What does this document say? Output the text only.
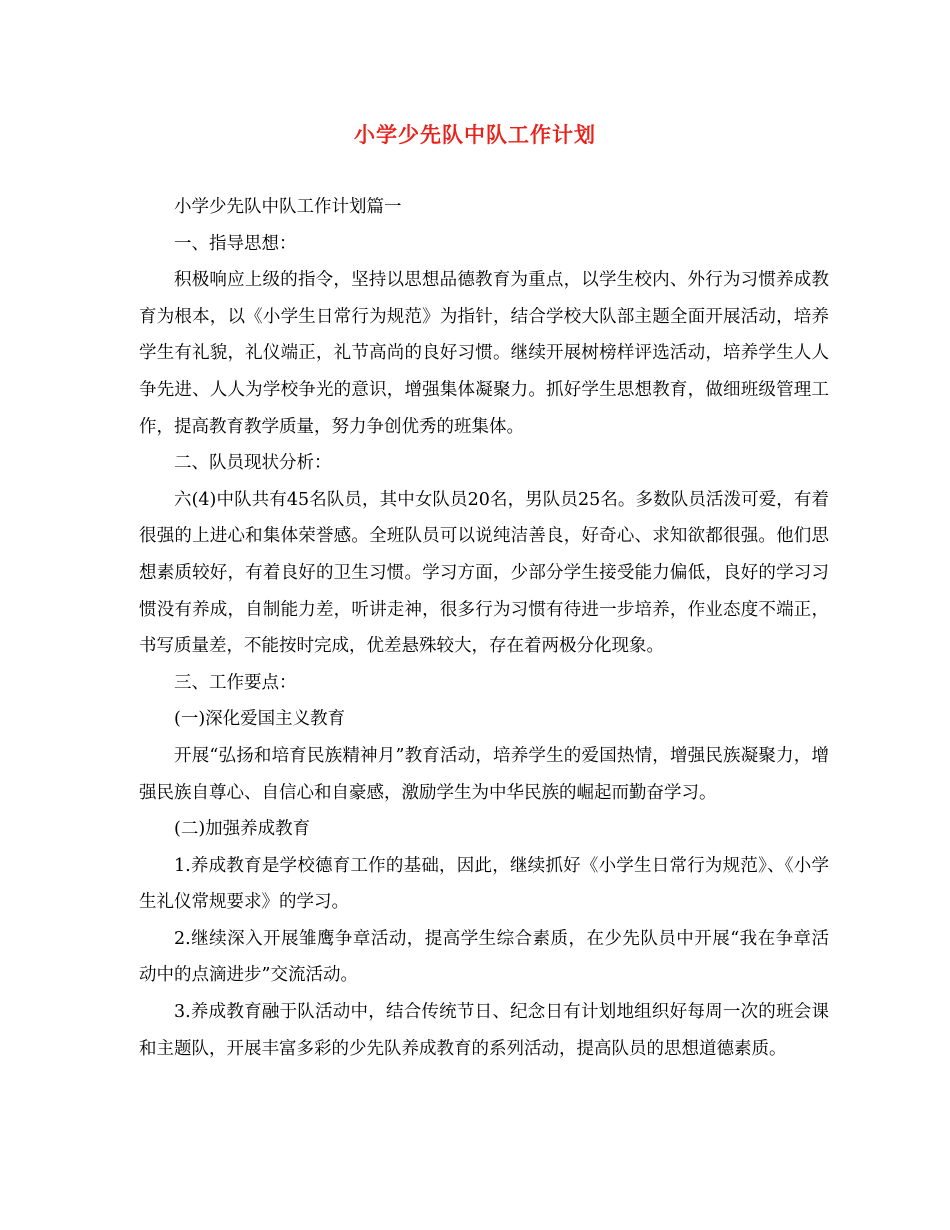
小学少先队中队工作计划

小学少先队中队工作计划篇一

一、指导思想：

积极响应上级的指令，坚持以思想品德教育为重点，以学生校内、外行为习惯养成教育为根本，以《小学生日常行为规范》为指针，结合学校大队部主题全面开展活动，培养学生有礼貌，礼仪端正，礼节高尚的良好习惯。继续开展树榜样评选活动，培养学生人人争先进、人人为学校争光的意识，增强集体凝聚力。抓好学生思想教育，做细班级管理工作，提高教育教学质量，努力争创优秀的班集体。

二、队员现状分析：

六(4)中队共有45名队员，其中女队员20名，男队员25名。多数队员活泼可爱，有着很强的上进心和集体荣誉感。全班队员可以说纯洁善良，好奇心、求知欲都很强。他们思想素质较好，有着良好的卫生习惯。学习方面，少部分学生接受能力偏低，良好的学习习惯没有养成，自制能力差，听讲走神，很多行为习惯有待进一步培养，作业态度不端正，书写质量差，不能按时完成，优差悬殊较大，存在着两极分化现象。

三、工作要点：

(一)深化爱国主义教育

开展“弘扬和培育民族精神月”教育活动，培养学生的爱国热情，增强民族凝聚力，增强民族自尊心、自信心和自豪感，激励学生为中华民族的崛起而勤奋学习。

(二)加强养成教育

1.养成教育是学校德育工作的基础，因此，继续抓好《小学生日常行为规范》、《小学生礼仪常规要求》的学习。

2.继续深入开展雏鹰争章活动，提高学生综合素质，在少先队员中开展“我在争章活动中的点滴进步”交流活动。

3.养成教育融于队活动中，结合传统节日、纪念日有计划地组织好每周一次的班会课和主题队，开展丰富多彩的少先队养成教育的系列活动，提高队员的思想道德素质。
